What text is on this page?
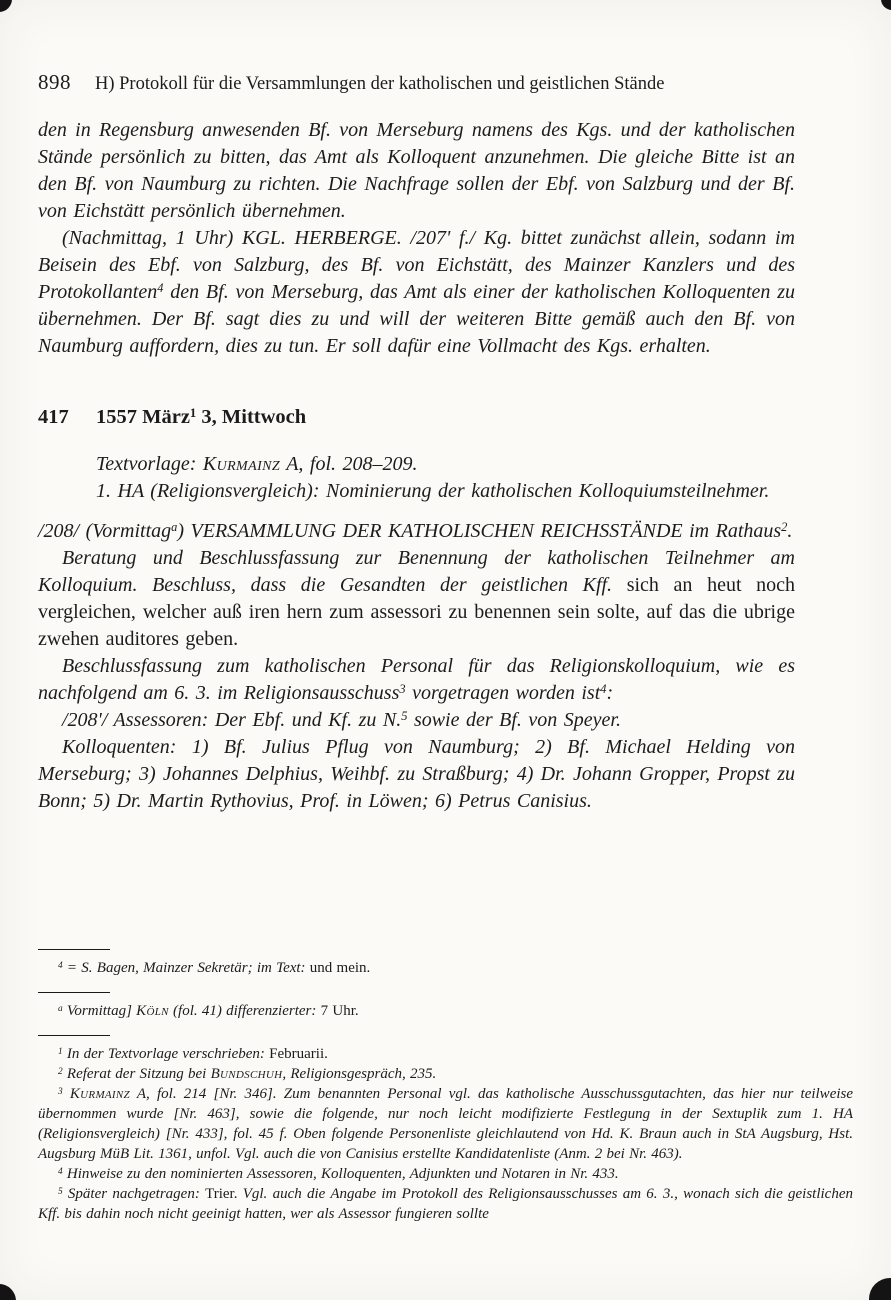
898 H) Protokoll für die Versammlungen der katholischen und geistlichen Stände

den in Regensburg anwesenden Bf. von Merseburg namens des Kgs. und der katholischen Stände persönlich zu bitten, das Amt als Kolloquent anzunehmen. Die gleiche Bitte ist an den Bf. von Naumburg zu richten. Die Nachfrage sollen der Ebf. von Salzburg und der Bf. von Eichstätt persönlich übernehmen.

(Nachmittag, 1 Uhr) KGL. HERBERGE. /207' f./ Kg. bittet zunächst allein, sodann im Beisein des Ebf. von Salzburg, des Bf. von Eichstätt, des Mainzer Kanzlers und des Protokollanten$^4$ den Bf. von Merseburg, das Amt als einer der katholischen Kolloquenten zu übernehmen. Der Bf. sagt dies zu und will der weiteren Bitte gemäß auch den Bf. von Naumburg auffordern, dies zu tun. Er soll dafür eine Vollmacht des Kgs. erhalten.

417	1557 März$^1$ 3, Mittwoch

Textvorlage: Kurmainz A, fol. 208–209.

1. HA (Religionsvergleich): Nominierung der katholischen Kolloquiumsteilnehmer.

/208/ (Vormittag$^a$) VERSAMMLUNG DER KATHOLISCHEN REICHSSTÄNDE im Rathaus$^2$.

Beratung und Beschlussfassung zur Benennung der katholischen Teilnehmer am Kolloquium. Beschluss, dass die Gesandten der geistlichen Kff. sich an heut noch vergleichen, welcher auß iren hern zum assessori zu benennen sein solte, auf das die ubrige zwehen auditores geben.

Beschlussfassung zum katholischen Personal für das Religionskolloquium, wie es nachfolgend am 6. 3. im Religionsausschuss$^3$ vorgetragen worden ist$^4$:

/208'/ Assessoren: Der Ebf. und Kf. zu N.$^5$ sowie der Bf. von Speyer.

Kolloquenten: 1) Bf. Julius Pflug von Naumburg; 2) Bf. Michael Helding von Merseburg; 3) Johannes Delphius, Weihbf. zu Straßburg; 4) Dr. Johann Gropper, Propst zu Bonn; 5) Dr. Martin Rythovius, Prof. in Löwen; 6) Petrus Canisius.

$^4$ = S. Bagen, Mainzer Sekretär; im Text: und mein.

$^a$ Vormittag] Köln (fol. 41) differenzierter: 7 Uhr.

$^1$ In der Textvorlage verschrieben: Februarii.

$^2$ Referat der Sitzung bei Bundschuh, Religionsgespräch, 235.

$^3$ Kurmainz A, fol. 214 [Nr. 346]. Zum benannten Personal vgl. das katholische Ausschussgutachten, das hier nur teilweise übernommen wurde [Nr. 463], sowie die folgende, nur noch leicht modifizierte Festlegung in der Sextuplik zum 1. HA (Religionsvergleich) [Nr. 433], fol. 45 f. Oben folgende Personenliste gleichlautend von Hd. K. Braun auch in StA Augsburg, Hst. Augsburg MüB Lit. 1361, unfol. Vgl. auch die von Canisius erstellte Kandidatenliste (Anm. 2 bei Nr. 463).

$^4$ Hinweise zu den nominierten Assessoren, Kolloquenten, Adjunkten und Notaren in Nr. 433.

$^5$ Später nachgetragen: Trier. Vgl. auch die Angabe im Protokoll des Religionsausschusses am 6. 3., wonach sich die geistlichen Kff. bis dahin noch nicht geeinigt hatten, wer als Assessor fungieren sollte
